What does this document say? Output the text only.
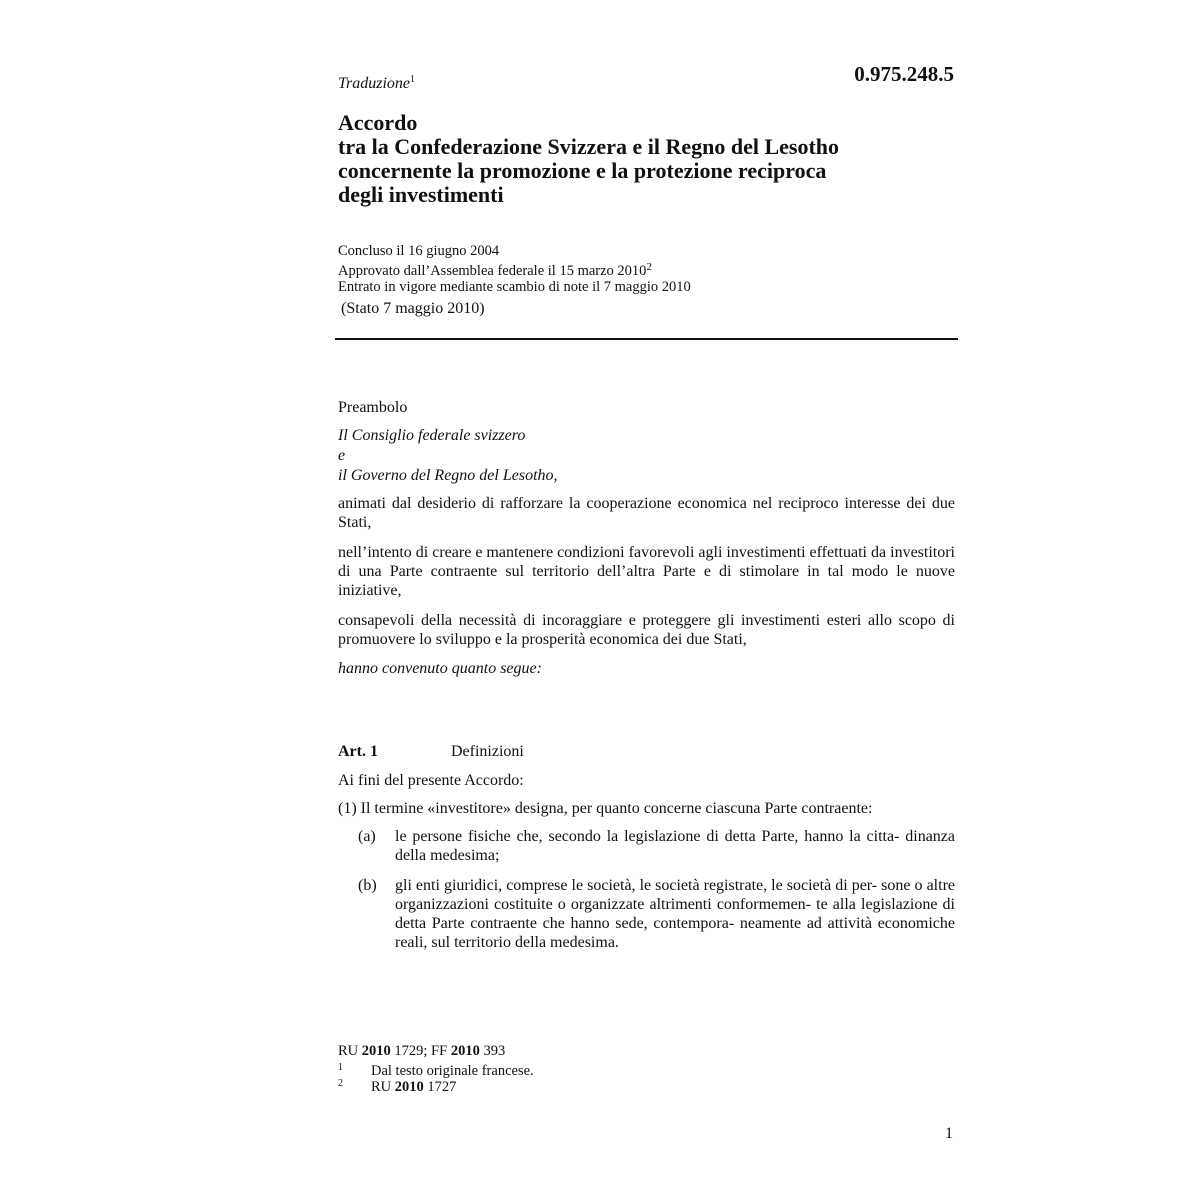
Traduzione$^1$	0.975.248.5
Accordo
tra la Confederazione Svizzera e il Regno del Lesotho
concernente la promozione e la protezione reciproca
degli investimenti
Concluso il 16 giugno 2004
Approvato dall’Assemblea federale il 15 marzo 2010$^2$
Entrato in vigore mediante scambio di note il 7 maggio 2010
(Stato 7 maggio 2010)
Preambolo
Il Consiglio federale svizzero
e
il Governo del Regno del Lesotho,
animati dal desiderio di rafforzare la cooperazione economica nel reciproco interesse dei due Stati,
nell’intento di creare e mantenere condizioni favorevoli agli investimenti effettuati da investitori di una Parte contraente sul territorio dell’altra Parte e di stimolare in tal modo le nuove iniziative,
consapevoli della necessità di incoraggiare e proteggere gli investimenti esteri allo scopo di promuovere lo sviluppo e la prosperità economica dei due Stati,
hanno convenuto quanto segue:
Art. 1	Definizioni
Ai fini del presente Accordo:
(1) Il termine «investitore» designa, per quanto concerne ciascuna Parte contraente:
(a) le persone fisiche che, secondo la legislazione di detta Parte, hanno la citta- dinanza della medesima;
(b) gli enti giuridici, comprese le società, le società registrate, le società di per- sone o altre organizzazioni costituite o organizzate altrimenti conformemen- te alla legislazione di detta Parte contraente che hanno sede, contempora- neamente ad attività economiche reali, sul territorio della medesima.
RU 2010 1729; FF 2010 393
1 Dal testo originale francese.
2 RU 2010 1727
1
